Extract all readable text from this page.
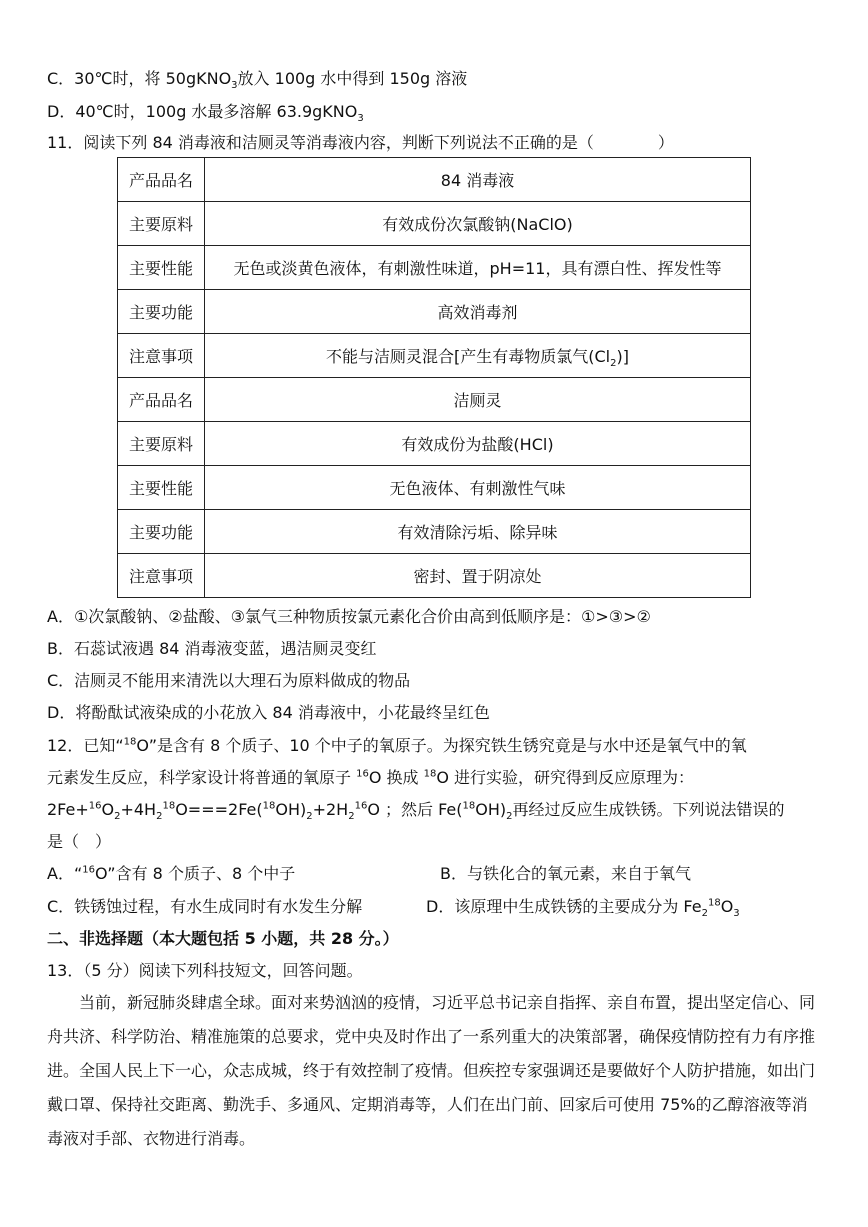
C．30℃时，将 50gKNO$_3$放入 100g 水中得到 150g 溶液
D．40℃时，100g 水最多溶解 63.9gKNO$_3$
11．阅读下列 84 消毒液和洁厕灵等消毒液内容，判断下列说法不正确的是（　　　　）
产品品名	84 消毒液
主要原料	有效成份次氯酸钠(NaClO)
主要性能	无色或淡黄色液体，有刺激性味道，pH=11，具有漂白性、挥发性等
主要功能	高效消毒剂
注意事项	不能与洁厕灵混合[产生有毒物质氯气$(Cl_2)$]
产品品名	洁厕灵
主要原料	有效成份为盐酸(HCl)
主要性能	无色液体、有刺激性气味
主要功能	有效清除污垢、除异味
注意事项	密封、置于阴凉处
A．①次氯酸钠、②盐酸、③氯气三种物质按氯元素化合价由高到低顺序是：①>③>②
B．石蕊试液遇 84 消毒液变蓝，遇洁厕灵变红
C．洁厕灵不能用来清洗以大理石为原料做成的物品
D．将酚酞试液染成的小花放入 84 消毒液中，小花最终呈红色
12．已知“$^{18}$O”是含有 8 个质子、10 个中子的氧原子。为探究铁生锈究竟是与水中还是氧气中的氧
元素发生反应，科学家设计将普通的氧原子 $^{16}$O 换成 $^{18}$O 进行实验，研究得到反应原理为：
$2Fe+^{16}O_2+4H_2^{18}O===2Fe(^{18}OH)_2+2H_2^{16}O$ ；然后 $Fe(^{18}OH)_2$再经过反应生成铁锈。下列说法错误的
是（　）
A．“$^{16}$O”含有 8 个质子、8 个中子	B．与铁化合的氧元素，来自于氧气
C．铁锈蚀过程，有水生成同时有水发生分解	D．该原理中生成铁锈的主要成分为 $Fe_2^{18}O_3$
二、非选择题（本大题包括 5 小题，共 28 分。）
13．（5 分）阅读下列科技短文，回答问题。
当前，新冠肺炎肆虐全球。面对来势汹汹的疫情，习近平总书记亲自指挥、亲自布置，提出坚定信心、同舟共济、科学防治、精准施策的总要求，党中央及时作出了一系列重大的决策部署，确保疫情防控有力有序推进。全国人民上下一心，众志成城，终于有效控制了疫情。但疾控专家强调还是要做好个人防护措施，如出门戴口罩、保持社交距离、勤洗手、多通风、定期消毒等，人们在出门前、回家后可使用 75%的乙醇溶液等消毒液对手部、衣物进行消毒。
